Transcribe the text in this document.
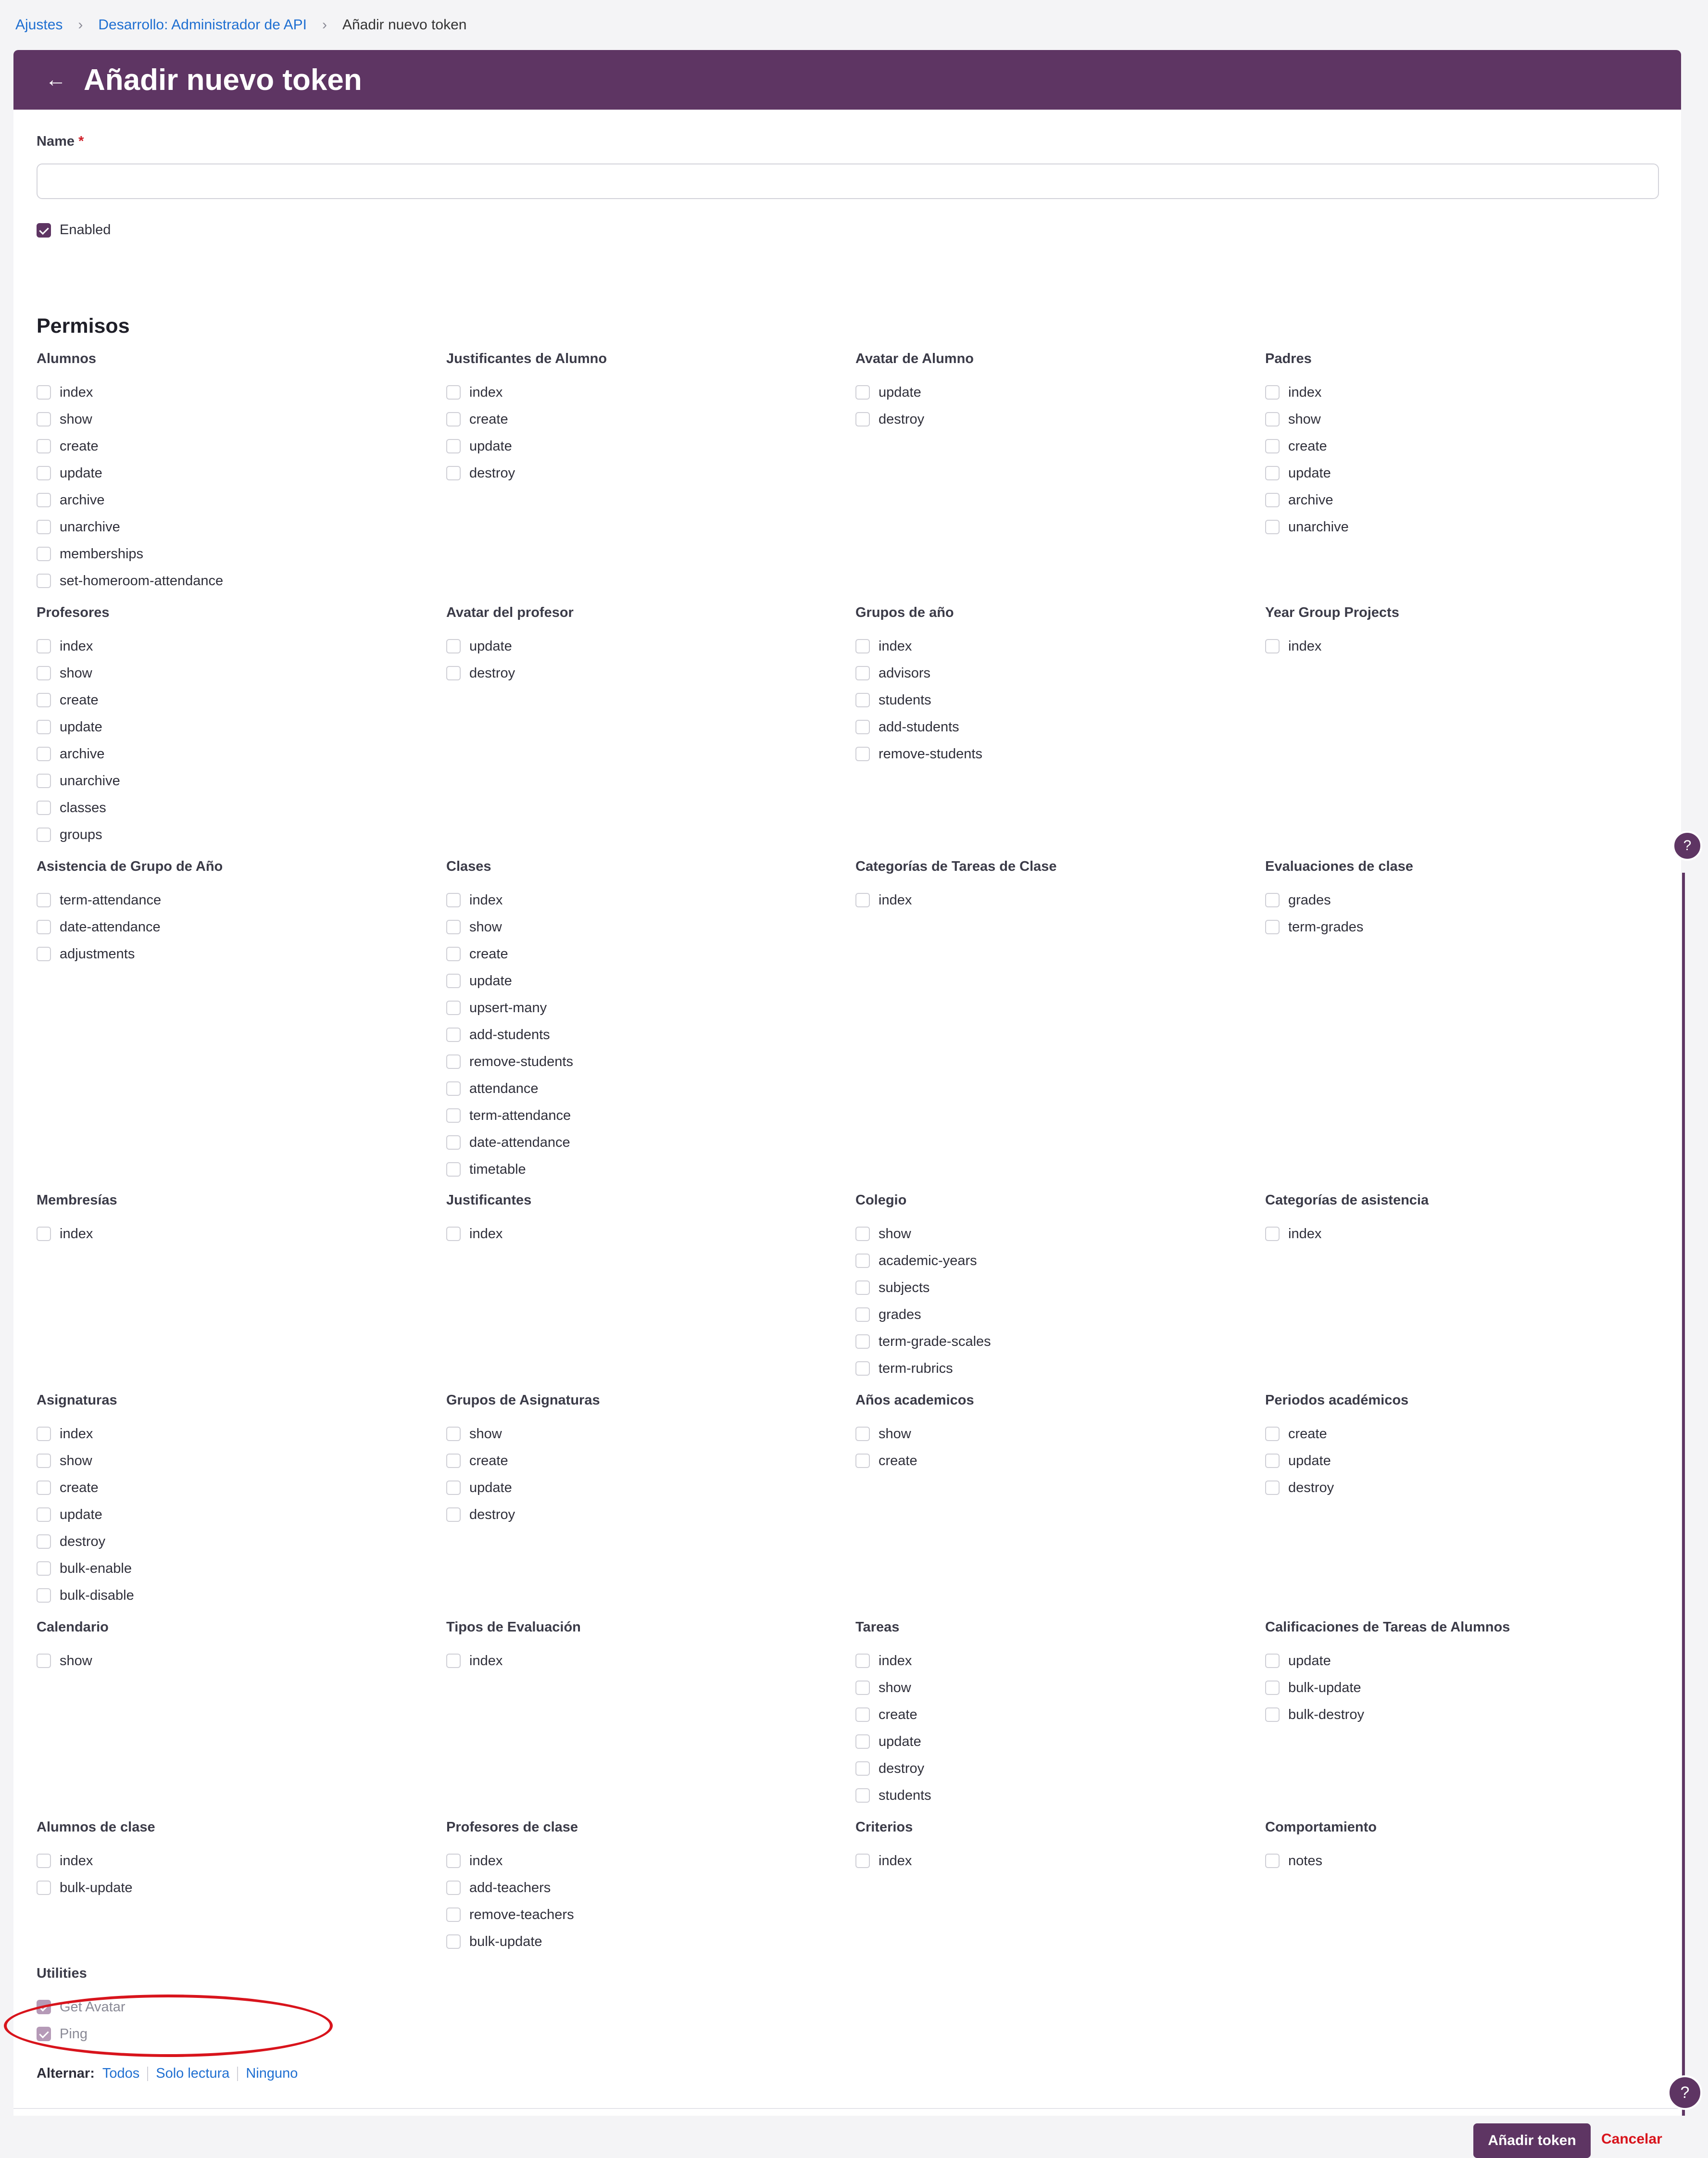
Ajustes › Desarrollo: Administrador de API › Añadir nuevo token
← Añadir nuevo token
Name *
Enabled
Permisos
Alumnos
index
show
create
update
archive
unarchive
memberships
set-homeroom-attendance
Justificantes de Alumno
index
create
update
destroy
Avatar de Alumno
update
destroy
Padres
index
show
create
update
archive
unarchive
Profesores
index
show
create
update
archive
unarchive
classes
groups
Avatar del profesor
update
destroy
Grupos de año
index
advisors
students
add-students
remove-students
Year Group Projects
index
Asistencia de Grupo de Año
term-attendance
date-attendance
adjustments
Clases
index
show
create
update
upsert-many
add-students
remove-students
attendance
term-attendance
date-attendance
timetable
Categorías de Tareas de Clase
index
Evaluaciones de clase
grades
term-grades
Membresías
index
Justificantes
index
Colegio
show
academic-years
subjects
grades
term-grade-scales
term-rubrics
Categorías de asistencia
index
Asignaturas
index
show
create
update
destroy
bulk-enable
bulk-disable
Grupos de Asignaturas
show
create
update
destroy
Años academicos
show
create
Periodos académicos
create
update
destroy
Calendario
show
Tipos de Evaluación
index
Tareas
index
show
create
update
destroy
students
Calificaciones de Tareas de Alumnos
update
bulk-update
bulk-destroy
Alumnos de clase
index
bulk-update
Profesores de clase
index
add-teachers
remove-teachers
bulk-update
Criterios
index
Comportamiento
notes
Utilities
Get Avatar
Ping
Alternar: Todos Solo lectura Ninguno
Añadir token	Cancelar
?
?
